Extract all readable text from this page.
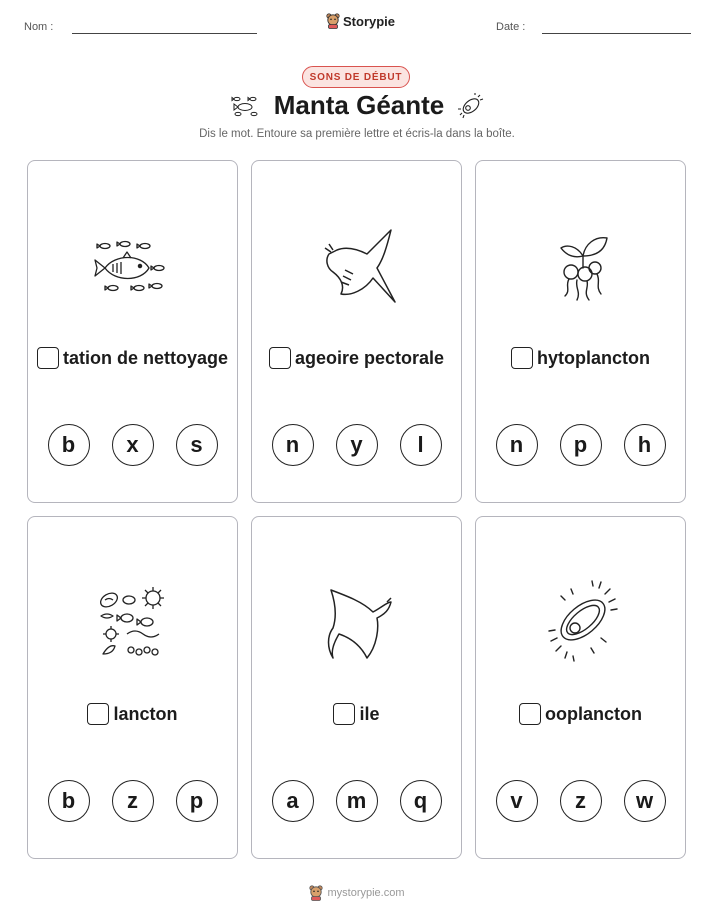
Nom :	Storypie	Date :
SONS DE DÉBUT
Manta Géante
Dis le mot. Entoure sa première lettre et écris-la dans la boîte.
tation de nettoyage
b	x	s
ageoire pectorale
n	y	l
hytoplancton
n	p	h
lancton
b	z	p
ile
a	m	q
ooplancton
v	z	w
mystorypie.com
